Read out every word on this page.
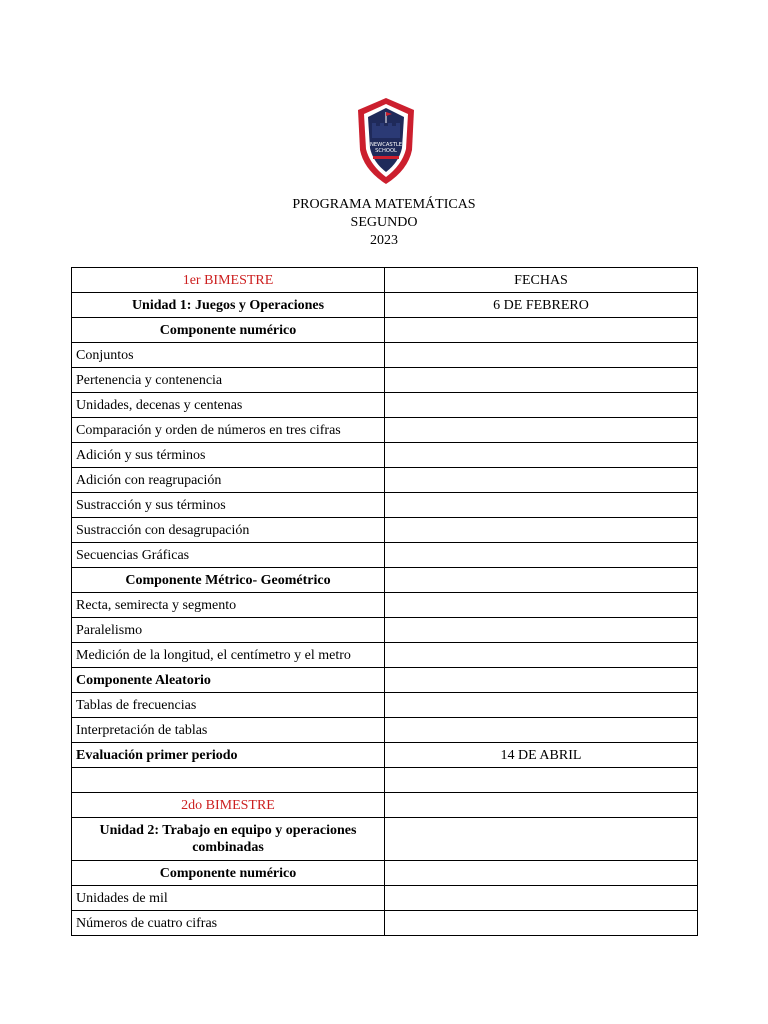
NEWCASTLE
SCHOOL
PROGRAMA MATEMÁTICAS
SEGUNDO
2023
1er BIMESTRE	FECHAS
Unidad 1: Juegos y Operaciones	6 DE FEBRERO
Componente numérico	
Conjuntos	
Pertenencia y contenencia	
Unidades, decenas y centenas	
Comparación y orden de números en tres cifras	
Adición y sus términos	
Adición con reagrupación	
Sustracción y sus términos	
Sustracción con desagrupación	
Secuencias Gráficas	
Componente Métrico- Geométrico	
Recta, semirecta y segmento	
Paralelismo	
Medición de la longitud, el centímetro y el metro	
Componente Aleatorio	
Tablas de frecuencias	
Interpretación de tablas	
Evaluación primer periodo	14 DE ABRIL

2do BIMESTRE	
Unidad 2: Trabajo en equipo y operaciones combinadas	
Componente numérico	
Unidades de mil	
Números de cuatro cifras	
